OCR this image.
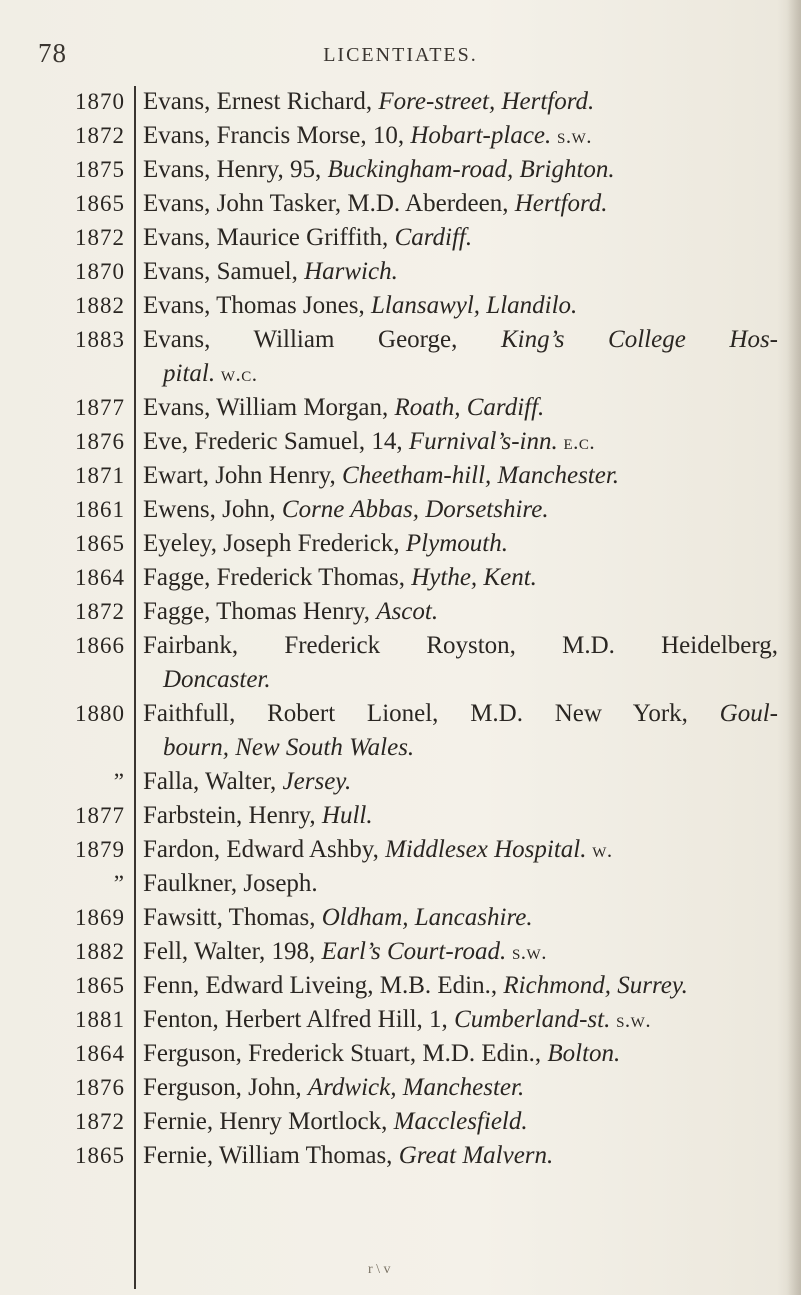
78	LICENTIATES.
1870 Evans, Ernest Richard, Fore-street, Hertford.
1872 Evans, Francis Morse, 10, Hobart-place. s.w.
1875 Evans, Henry, 95, Buckingham-road, Brighton.
1865 Evans, John Tasker, M.D. Aberdeen, Hertford.
1872 Evans, Maurice Griffith, Cardiff.
1870 Evans, Samuel, Harwich.
1882 Evans, Thomas Jones, Llansawyl, Llandilo.
1883 Evans, William George, King’s College Hos-
pital. w.c.
1877 Evans, William Morgan, Roath, Cardiff.
1876 Eve, Frederic Samuel, 14, Furnival’s-inn. e.c.
1871 Ewart, John Henry, Cheetham-hill, Manchester.
1861 Ewens, John, Corne Abbas, Dorsetshire.
1865 Eyeley, Joseph Frederick, Plymouth.
1864 Fagge, Frederick Thomas, Hythe, Kent.
1872 Fagge, Thomas Henry, Ascot.
1866 Fairbank, Frederick Royston, M.D. Heidelberg,
Doncaster.
1880 Faithfull, Robert Lionel, M.D. New York, Goul-
bourn, New South Wales.
” Falla, Walter, Jersey.
1877 Farbstein, Henry, Hull.
1879 Fardon, Edward Ashby, Middlesex Hospital. w.
” Faulkner, Joseph.
1869 Fawsitt, Thomas, Oldham, Lancashire.
1882 Fell, Walter, 198, Earl’s Court-road. s.w.
1865 Fenn, Edward Liveing, M.B. Edin., Richmond, Surrey.
1881 Fenton, Herbert Alfred Hill, 1, Cumberland-st. s.w.
1864 Ferguson, Frederick Stuart, M.D. Edin., Bolton.
1876 Ferguson, John, Ardwick, Manchester.
1872 Fernie, Henry Mortlock, Macclesfield.
1865 Fernie, William Thomas, Great Malvern.
r \ v
